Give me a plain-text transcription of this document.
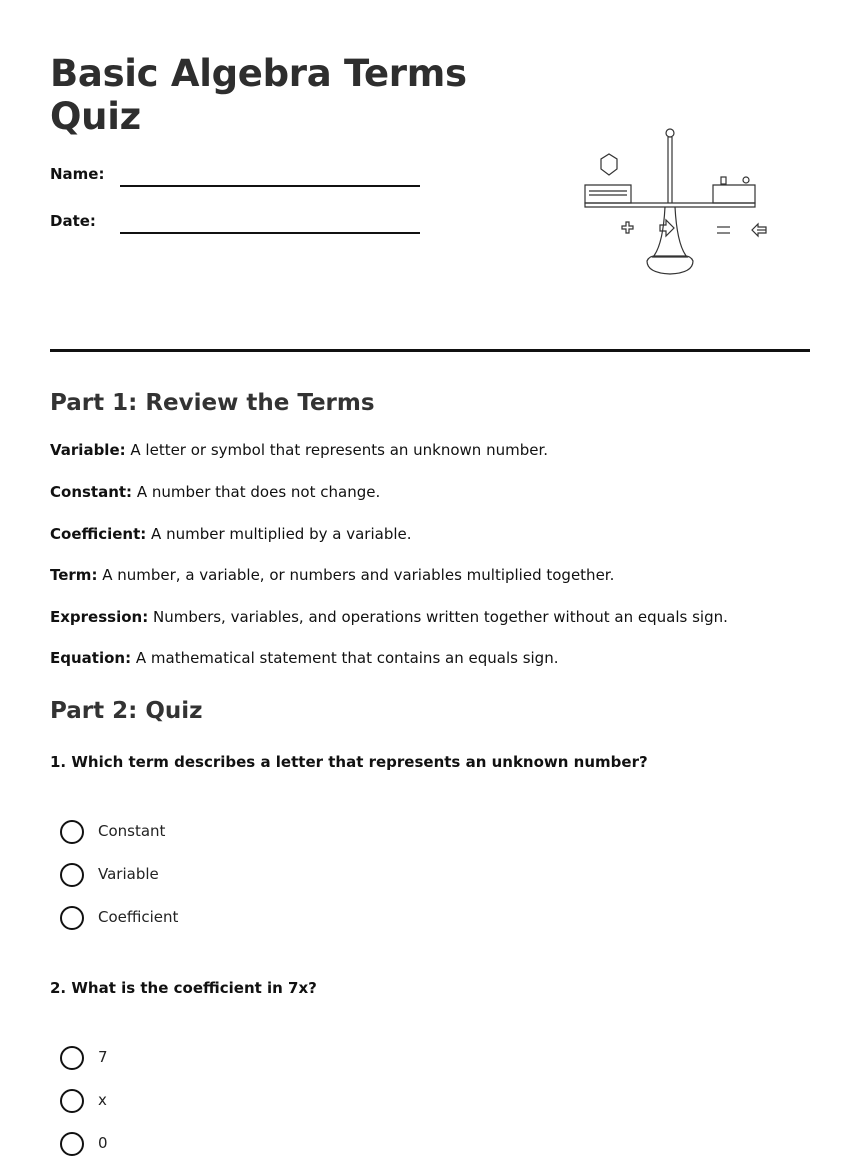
Basic Algebra Terms
Quiz
Name:
Date:
Part 1: Review the Terms

Variable: A letter or symbol that represents an unknown number.

Constant: A number that does not change.

Coefficient: A number multiplied by a variable.

Term: A number, a variable, or numbers and variables multiplied together.

Expression: Numbers, variables, and operations written together without an equals sign.

Equation: A mathematical statement that contains an equals sign.

Part 2: Quiz

1. Which term describes a letter that represents an unknown number?

Constant
Variable
Coefficient

2. What is the coefficient in 7x?

7
x
0
